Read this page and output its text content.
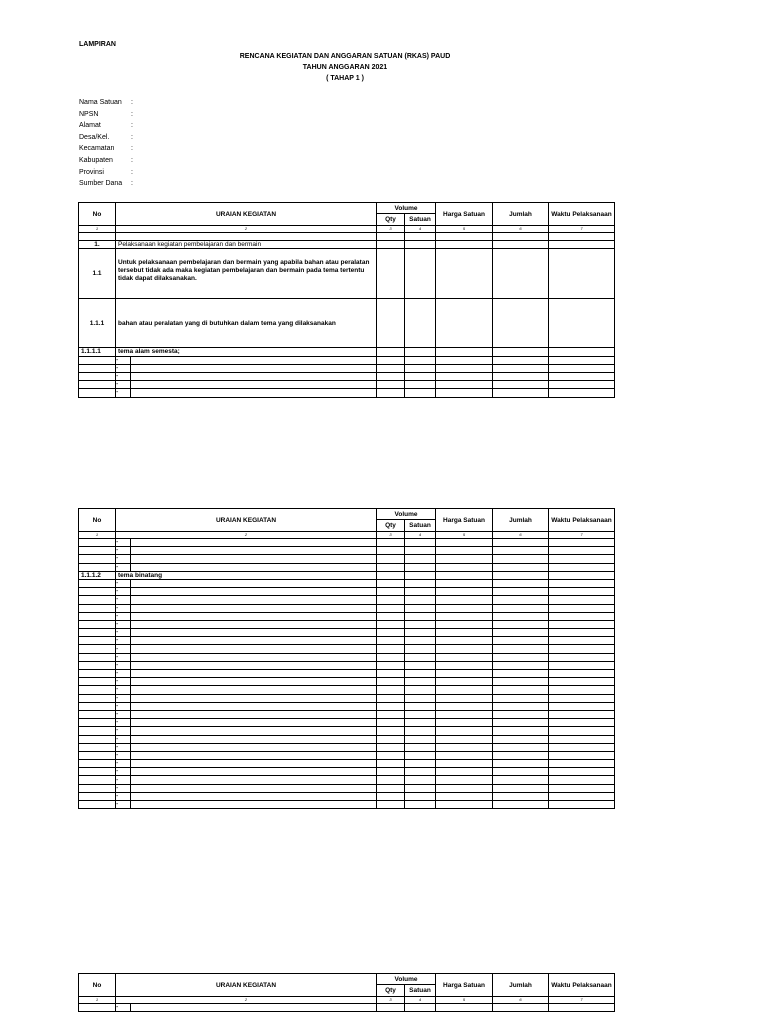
LAMPIRAN
RENCANA KEGIATAN DAN ANGGARAN SATUAN (RKAS) PAUD
TAHUN ANGGARAN 2021
( TAHAP 1 )
Nama Satuan :
NPSN	:
Alamat	:
Desa/Kel.	:
Kecamatan :
Kabupaten	:
Provinsi	:
Sumber Dana :
No	URAIAN KEGIATAN		Volume		Harga Satuan	Jumlah	Waktu Pelaksanaan
			Qty	Satuan			
1	2		3	4	5	6	7

1.	Pelaksanaan kegiatan pembelajaran dan bermain						
1.1	Untuk pelaksanaan pembelajaran dan bermain yang apabila bahan atau peralatan tersebut tidak ada maka kegiatan pembelajaran dan bermain pada tema tertentu tidak dapat dilaksanakan.						
1.1.1	bahan atau peralatan yang di butuhkan dalam tema yang dilaksanakan						
1.1.1.1	tema alam semesta;						
	-						
	-						
	-						
	-						
	-						
No	URAIAN KEGIATAN		Volume		Harga Satuan	Jumlah	Waktu Pelaksanaan
			Qty	Satuan			
1	2		3	4	5	6	7
	-						
	-						
	-						
	-						
1.1.1.2	tema binatang						
	-						
	-						
	-						
	-						
	-						
	-						
	-						
	-						
	-						
	-						
	-						
	-						
	-						
	-						
	-						
	-						
	-						
	-						
	-						
	-						
	-						
	-						
	-						
	-						
	-						
	-						
	-						
	-						
No	URAIAN KEGIATAN		Volume		Harga Satuan	Jumlah	Waktu Pelaksanaan
			Qty	Satuan			
1	2		3	4	5	6	7
	-						
